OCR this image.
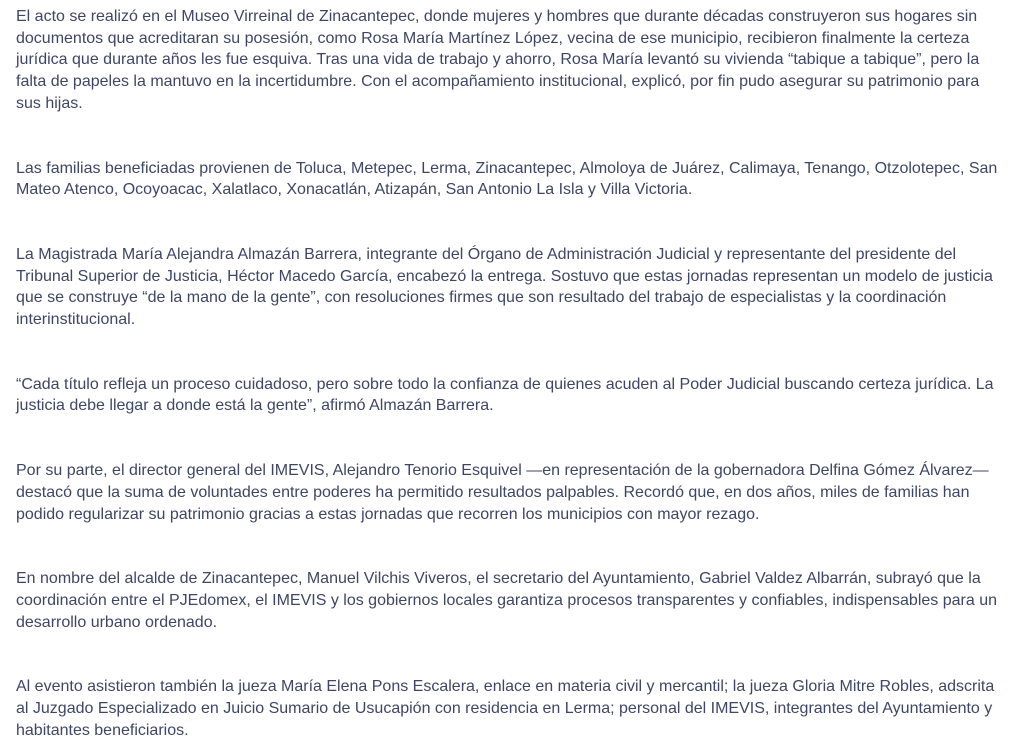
El acto se realizó en el Museo Virreinal de Zinacantepec, donde mujeres y hombres que durante décadas construyeron sus hogares sin documentos que acreditaran su posesión, como Rosa María Martínez López, vecina de ese municipio, recibieron finalmente la certeza jurídica que durante años les fue esquiva. Tras una vida de trabajo y ahorro, Rosa María levantó su vivienda “tabique a tabique”, pero la falta de papeles la mantuvo en la incertidumbre. Con el acompañamiento institucional, explicó, por fin pudo asegurar su patrimonio para sus hijas.

Las familias beneficiadas provienen de Toluca, Metepec, Lerma, Zinacantepec, Almoloya de Juárez, Calimaya, Tenango, Otzolotepec, San Mateo Atenco, Ocoyoacac, Xalatlaco, Xonacatlán, Atizapán, San Antonio La Isla y Villa Victoria.

La Magistrada María Alejandra Almazán Barrera, integrante del Órgano de Administración Judicial y representante del presidente del Tribunal Superior de Justicia, Héctor Macedo García, encabezó la entrega. Sostuvo que estas jornadas representan un modelo de justicia que se construye “de la mano de la gente”, con resoluciones firmes que son resultado del trabajo de especialistas y la coordinación interinstitucional.

“Cada título refleja un proceso cuidadoso, pero sobre todo la confianza de quienes acuden al Poder Judicial buscando certeza jurídica. La justicia debe llegar a donde está la gente”, afirmó Almazán Barrera.

Por su parte, el director general del IMEVIS, Alejandro Tenorio Esquivel —en representación de la gobernadora Delfina Gómez Álvarez— destacó que la suma de voluntades entre poderes ha permitido resultados palpables. Recordó que, en dos años, miles de familias han podido regularizar su patrimonio gracias a estas jornadas que recorren los municipios con mayor rezago.

En nombre del alcalde de Zinacantepec, Manuel Vilchis Viveros, el secretario del Ayuntamiento, Gabriel Valdez Albarrán, subrayó que la coordinación entre el PJEdomex, el IMEVIS y los gobiernos locales garantiza procesos transparentes y confiables, indispensables para un desarrollo urbano ordenado.

Al evento asistieron también la jueza María Elena Pons Escalera, enlace en materia civil y mercantil; la jueza Gloria Mitre Robles, adscrita al Juzgado Especializado en Juicio Sumario de Usucapión con residencia en Lerma; personal del IMEVIS, integrantes del Ayuntamiento y habitantes beneficiarios.
